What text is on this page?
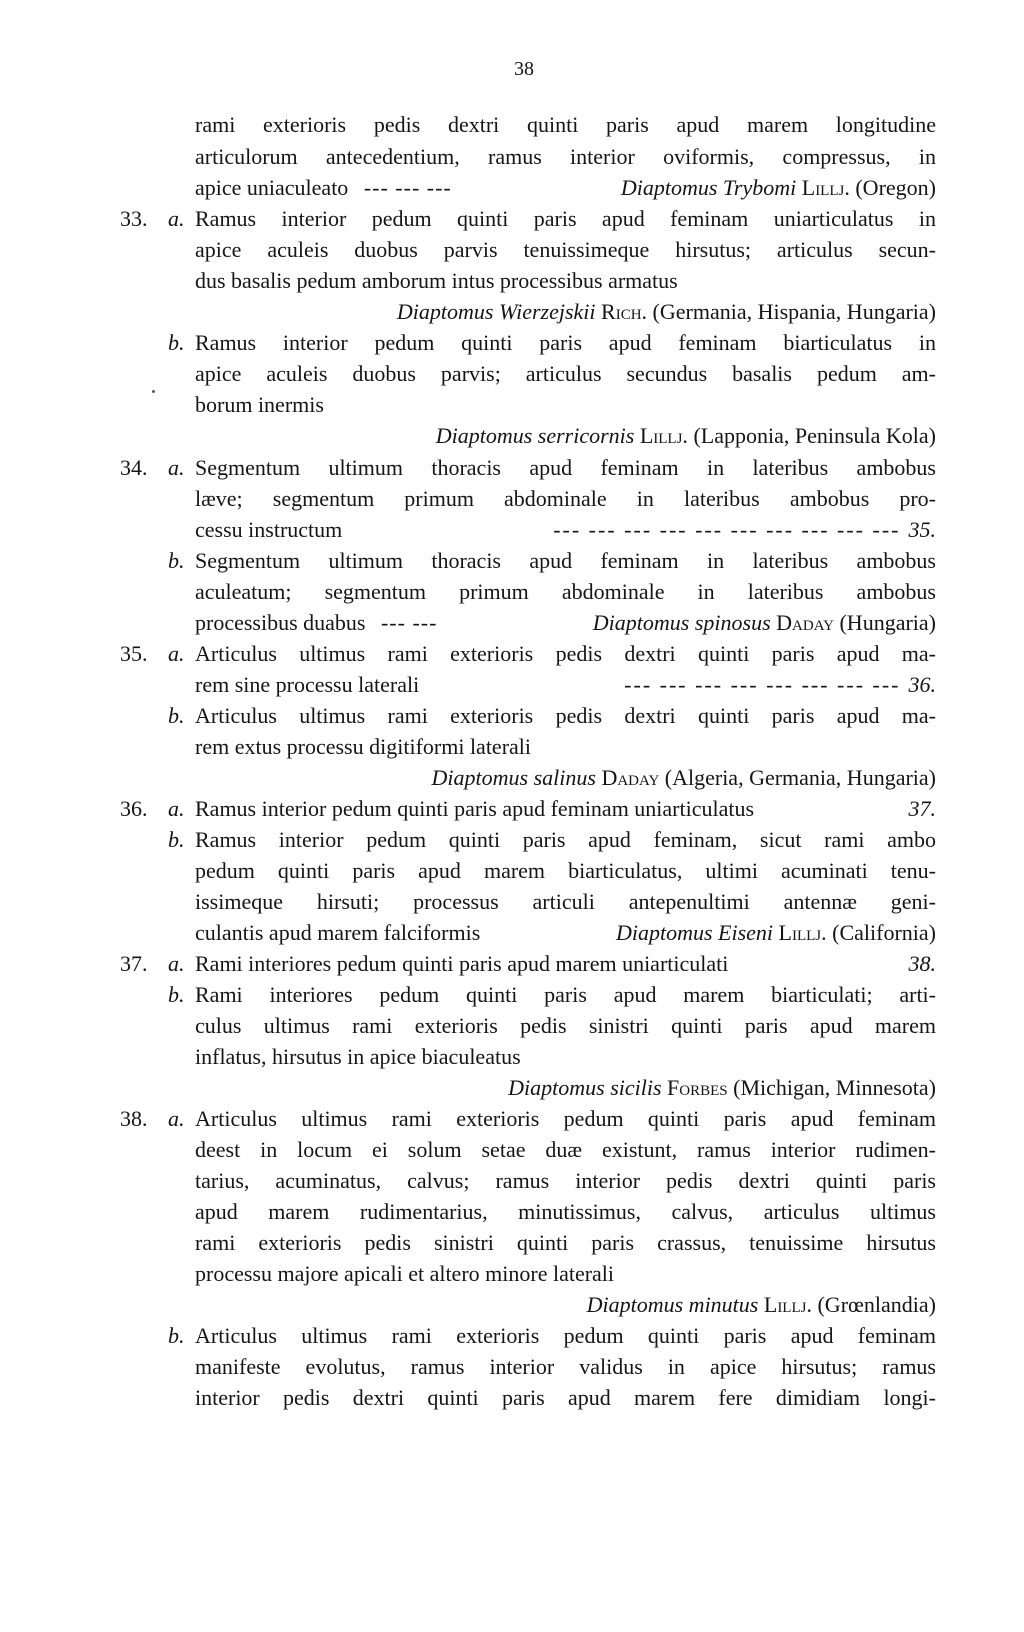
38
rami exterioris pedis dextri quinti paris apud marem longitudine
articulorum antecedentium, ramus interior oviformis, compressus, in
apice uniaculeato --- --- ---	Diaptomus Trybomi Lillj. (Oregon)
33. a. Ramus interior pedum quinti paris apud feminam uniarticulatus in
apice aculeis duobus parvis tenuissimeque hirsutus; articulus secun-
dus basalis pedum amborum intus processibus armatus
Diaptomus Wierzejskii Rich. (Germania, Hispania, Hungaria)
b. Ramus interior pedum quinti paris apud feminam biarticulatus in
apice aculeis duobus parvis; articulus secundus basalis pedum am-
borum inermis
Diaptomus serricornis Lillj. (Lapponia, Peninsula Kola)
34. a. Segmentum ultimum thoracis apud feminam in lateribus ambobus
læve; segmentum primum abdominale in lateribus ambobus pro-
cessu instructum	--- --- --- --- --- --- --- --- --- --- 35.
b. Segmentum ultimum thoracis apud feminam in lateribus ambobus
aculeatum; segmentum primum abdominale in lateribus ambobus
processibus duabus --- ---	Diaptomus spinosus Daday (Hungaria)
35. a. Articulus ultimus rami exterioris pedis dextri quinti paris apud ma-
rem sine processu laterali	--- --- --- --- --- --- --- --- 36.
b. Articulus ultimus rami exterioris pedis dextri quinti paris apud ma-
rem extus processu digitiformi laterali
Diaptomus salinus Daday (Algeria, Germania, Hungaria)
36. a. Ramus interior pedum quinti paris apud feminam uniarticulatus	37.
b. Ramus interior pedum quinti paris apud feminam, sicut rami ambo
pedum quinti paris apud marem biarticulatus, ultimi acuminati tenu-
issimeque hirsuti; processus articuli antepenultimi antennæ geni-
culantis apud marem falciformis	Diaptomus Eiseni Lillj. (California)
37. a. Rami interiores pedum quinti paris apud marem uniarticulati	38.
b. Rami interiores pedum quinti paris apud marem biarticulati; arti-
culus ultimus rami exterioris pedis sinistri quinti paris apud marem
inflatus, hirsutus in apice biaculeatus
Diaptomus sicilis Forbes (Michigan, Minnesota)
38. a. Articulus ultimus rami exterioris pedum quinti paris apud feminam
deest in locum ei solum setae duæ existunt, ramus interior rudimen-
tarius, acuminatus, calvus; ramus interior pedis dextri quinti paris
apud marem rudimentarius, minutissimus, calvus, articulus ultimus
rami exterioris pedis sinistri quinti paris crassus, tenuissime hirsutus
processu majore apicali et altero minore laterali
Diaptomus minutus Lillj. (Grœnlandia)
b. Articulus ultimus rami exterioris pedum quinti paris apud feminam
manifeste evolutus, ramus interior validus in apice hirsutus; ramus
interior pedis dextri quinti paris apud marem fere dimidiam longi-
